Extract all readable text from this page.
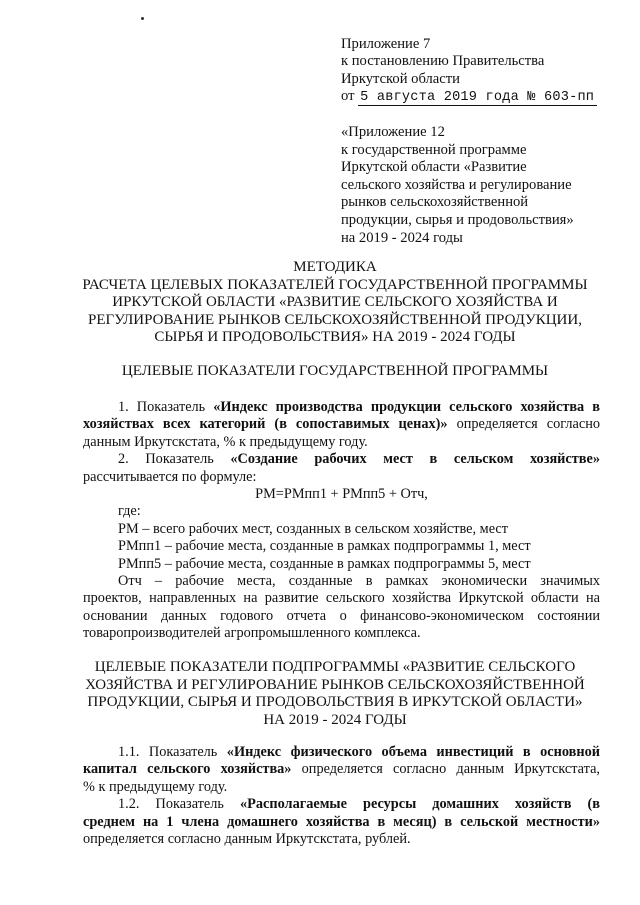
Приложение 7
к постановлению Правительства
Иркутской области
от 5 августа 2019 года № 603-пп
«Приложение 12
к государственной программе
Иркутской области «Развитие
сельского хозяйства и регулирование
рынков сельскохозяйственной
продукции, сырья и продовольствия»
на 2019 - 2024 годы
МЕТОДИКА
РАСЧЕТА ЦЕЛЕВЫХ ПОКАЗАТЕЛЕЙ ГОСУДАРСТВЕННОЙ ПРОГРАММЫ
ИРКУТСКОЙ ОБЛАСТИ «РАЗВИТИЕ СЕЛЬСКОГО ХОЗЯЙСТВА И
РЕГУЛИРОВАНИЕ РЫНКОВ СЕЛЬСКОХОЗЯЙСТВЕННОЙ ПРОДУКЦИИ,
СЫРЬЯ И ПРОДОВОЛЬСТВИЯ» НА 2019 - 2024 ГОДЫ
ЦЕЛЕВЫЕ ПОКАЗАТЕЛИ ГОСУДАРСТВЕННОЙ ПРОГРАММЫ
1. Показатель «Индекс производства продукции сельского хозяйства в
хозяйствах всех категорий (в сопоставимых ценах)» определяется согласно
данным Иркутскстата, % к предыдущему году.
2. Показатель «Создание рабочих мест в сельском хозяйстве»
рассчитывается по формуле:
РМ=РМпп1 + РМпп5 + Отч,
где:
РМ – всего рабочих мест, созданных в сельском хозяйстве, мест
РМпп1 – рабочие места, созданные в рамках подпрограммы 1, мест
РМпп5 – рабочие места, созданные в рамках подпрограммы 5, мест
Отч – рабочие места, созданные в рамках экономически значимых
проектов, направленных на развитие сельского хозяйства Иркутской области на
основании данных годового отчета о финансово-экономическом состоянии
товаропроизводителей агропромышленного комплекса.
ЦЕЛЕВЫЕ ПОКАЗАТЕЛИ ПОДПРОГРАММЫ «РАЗВИТИЕ СЕЛЬСКОГО
ХОЗЯЙСТВА И РЕГУЛИРОВАНИЕ РЫНКОВ СЕЛЬСКОХОЗЯЙСТВЕННОЙ
ПРОДУКЦИИ, СЫРЬЯ И ПРОДОВОЛЬСТВИЯ В ИРКУТСКОЙ ОБЛАСТИ»
НА 2019 - 2024 ГОДЫ
1.1. Показатель «Индекс физического объема инвестиций в основной
капитал сельского хозяйства» определяется согласно данным Иркутскстата,
% к предыдущему году.
1.2. Показатель «Располагаемые ресурсы домашних хозяйств (в
среднем на 1 члена домашнего хозяйства в месяц) в сельской местности»
определяется согласно данным Иркутскстата, рублей.
